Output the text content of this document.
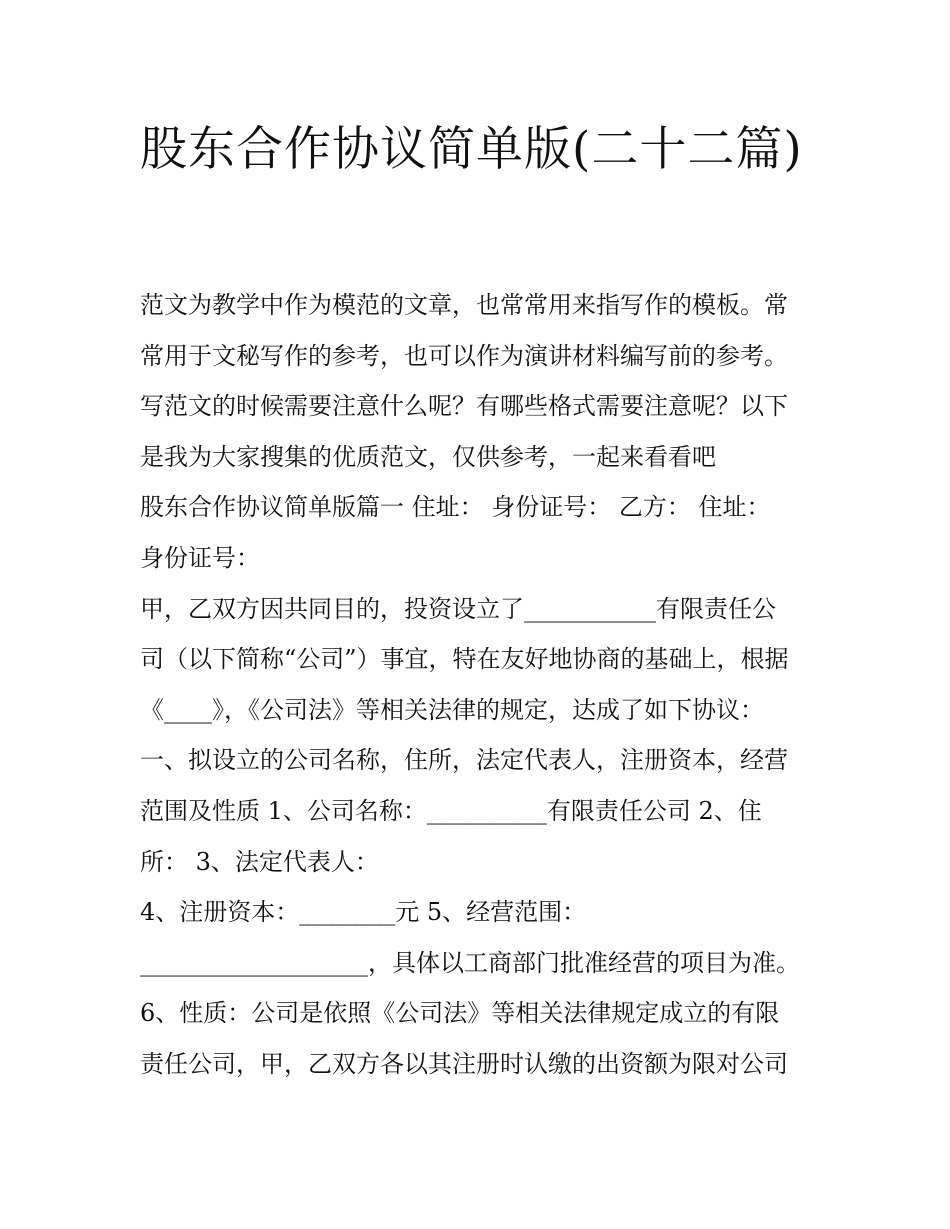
股东合作协议简单版(二十二篇)
范文为教学中作为模范的文章，也常常用来指写作的模板。常
常用于文秘写作的参考，也可以作为演讲材料编写前的参考。
写范文的时候需要注意什么呢？有哪些格式需要注意呢？以下
是我为大家搜集的优质范文，仅供参考，一起来看看吧
股东合作协议简单版篇一 住址： 身份证号： 乙方： 住址：
身份证号：
甲，乙双方因共同目的，投资设立了___________有限责任公
司（以下简称“公司”）事宜，特在友好地协商的基础上，根据
《____》，《公司法》等相关法律的规定，达成了如下协议：
一、拟设立的公司名称，住所，法定代表人，注册资本，经营
范围及性质 1、公司名称：__________有限责任公司 2、住
所： 3、法定代表人：
4、注册资本：________元 5、经营范围：
___________________，具体以工商部门批准经营的项目为准。
6、性质：公司是依照《公司法》等相关法律规定成立的有限
责任公司，甲，乙双方各以其注册时认缴的出资额为限对公司
